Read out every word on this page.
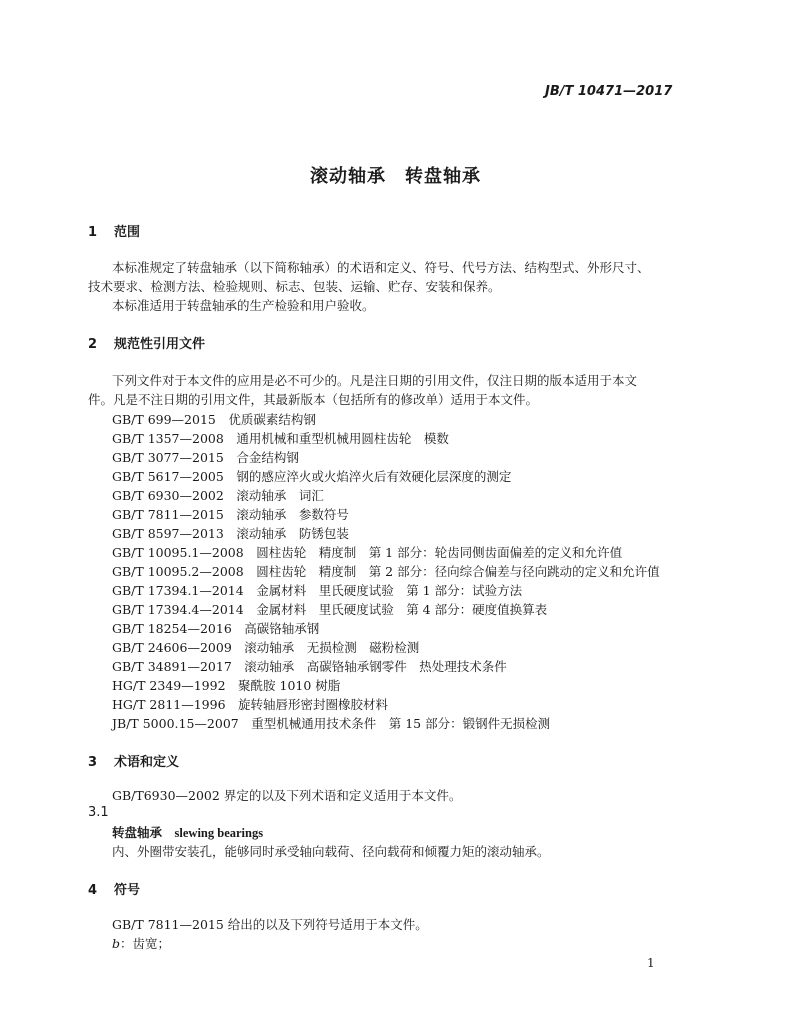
JB/T 10471—2017
滚动轴承　转盘轴承
1 范围
本标准规定了转盘轴承（以下简称轴承）的术语和定义、符号、代号方法、结构型式、外形尺寸、
技术要求、检测方法、检验规则、标志、包装、运输、贮存、安装和保养。
本标准适用于转盘轴承的生产检验和用户验收。
2 规范性引用文件
下列文件对于本文件的应用是必不可少的。凡是注日期的引用文件，仅注日期的版本适用于本文
件。凡是不注日期的引用文件，其最新版本（包括所有的修改单）适用于本文件。
GB/T 699—2015　优质碳素结构钢
GB/T 1357—2008　通用机械和重型机械用圆柱齿轮　模数
GB/T 3077—2015　合金结构钢
GB/T 5617—2005　钢的感应淬火或火焰淬火后有效硬化层深度的测定
GB/T 6930—2002　滚动轴承　词汇
GB/T 7811—2015　滚动轴承　参数符号
GB/T 8597—2013　滚动轴承　防锈包装
GB/T 10095.1—2008　圆柱齿轮　精度制　第 1 部分：轮齿同侧齿面偏差的定义和允许值
GB/T 10095.2—2008　圆柱齿轮　精度制　第 2 部分：径向综合偏差与径向跳动的定义和允许值
GB/T 17394.1—2014　金属材料　里氏硬度试验　第 1 部分：试验方法
GB/T 17394.4—2014　金属材料　里氏硬度试验　第 4 部分：硬度值换算表
GB/T 18254—2016　高碳铬轴承钢
GB/T 24606—2009　滚动轴承　无损检测　磁粉检测
GB/T 34891—2017　滚动轴承　高碳铬轴承钢零件　热处理技术条件
HG/T 2349—1992　聚酰胺 1010 树脂
HG/T 2811—1996　旋转轴唇形密封圈橡胶材料
JB/T 5000.15—2007　重型机械通用技术条件　第 15 部分：锻钢件无损检测
3 术语和定义
GB/T6930—2002 界定的以及下列术语和定义适用于本文件。
3.1
转盘轴承　 slewing bearings
内、外圈带安装孔，能够同时承受轴向载荷、径向载荷和倾覆力矩的滚动轴承。
4 符号
GB/T 7811—2015 给出的以及下列符号适用于本文件。
b：齿宽；
1
